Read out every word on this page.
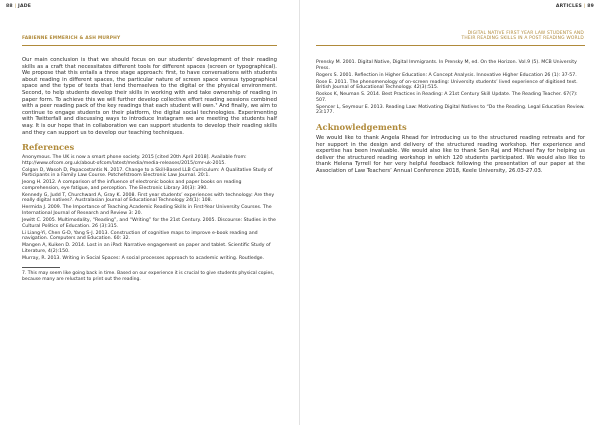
88 | JADE
FABIENNE EMMERICH & ASH MURPHY

Our main conclusion is that we should focus on our students’ development of their reading skills as a craft that necessitates different tools for different spaces (screen or typographical). We propose that this entails a three stage approach: first, to have conversations with students about reading in different spaces, the particular nature of screen space versus typographical space and the type of texts that lend themselves to the digital or the physical environment. Second, to help students develop their skills in working with and take ownership of reading in paper form. To achieve this we will further develop collective effort reading sessions combined with a peer reading pack of the key readings that each student will own.⁷ And finally, we aim to continue to engage students on their platform, the digital social technologies. Experimenting with Twitterfall and discussing ways to introduce Instagram we are meeting the students half way. It is our hope that in collaboration we can support students to develop their reading skills and they can support us to develop our teaching techniques.

References

Anonymous. The UK is now a smart phone society. 2015 [cited 20th April 2018]. Available from: http://www.ofcom.org.uk/about-ofcom/latest/media/media-releases/2015/cmr-uk-2015.

Colgan D, Wasoh D, Papacostantis N. 2017. Change to a Skill-Based LLB Curriculum: A Qualitative Study of Participants in a Family Law Course. Potchefstroom Electronic Law Journal. 20:1.

Jeong H. 2012. A comparison of the influence of electronic books and paper books on reading comprehension, eye fatigue, and perception. The Electronic Library 30(3): 390.

Kennedy G, Judd T, Churchward A, Gray K. 2008. First year students’ experiences with technology: Are they really digital natives?. Australasian Journal of Educational Technology 24(1): 108.

Hermida J. 2009. The Importance of Teaching Academic Reading Skills in First-Year University Courses. The International Journal of Research and Review 3: 20.

Jewitt C. 2005. Multimodality, “Reading”, and “Writing” for the 21st Century. 2005. Discourse: Studies in the Cultural Politics of Education. 26 (3):315.

Li Liang-Yi, Chen G-D, Yang S-J. 2013. Construction of cognitive maps to improve e-book reading and navigation. Computers and Education. 60: 32.

Mangen A, Kuiken D. 2014. Lost in an iPad: Narrative engagement on paper and tablet. Scientific Study of Literature, 4(2):150.

Murray, R. 2013. Writing in Social Spaces: A social processes approach to academic writing. Routledge.

7. This may seem like going back in time. Based on our experience it is crucial to give students physical copies, because many are reluctant to print out the reading.

ARTICLES | 89
DIGITAL NATIVE FIRST YEAR LAW STUDENTS AND
THEIR READING SKILLS IN A POST READING WORLD

Prensky M. 2001. Digital Native, Digital Immigrants. In Prensky M, ed. On the Horizon. Vol.9 (5). MCB University Press.

Rogers S. 2001. Reflection in Higher Education: A Concept Analysis. Innovative Higher Education 26 (1): 37-57.

Rose E. 2011. The phenomenology of on-screen reading: University students’ lived experience of digitised text. British Journal of Educational Technology. 42(3):515.

Roskos K, Neuman S. 2014. Best Practices in Reading: A 21st Century Skill Update. The Reading Teacher. 67(7): 507.

Spencer L, Seymour E. 2013. Reading Law: Motivating Digital Natives to “Do the Reading. Legal Education Review. 23:177.

Acknowledgements

We would like to thank Angela Rhead for introducing us to the structured reading retreats and for her support in the design and delivery of the structured reading workshop. Her experience and expertise has been invaluable. We would also like to thank Sen Raj and Michael Fay for helping us deliver the structured reading workshop in which 120 students participated. We would also like to thank Helena Tyrrell for her very helpful feedback following the presentation of our paper at the Association of Law Teachers’ Annual Conference 2018, Keele University, 26.03-27.03.
